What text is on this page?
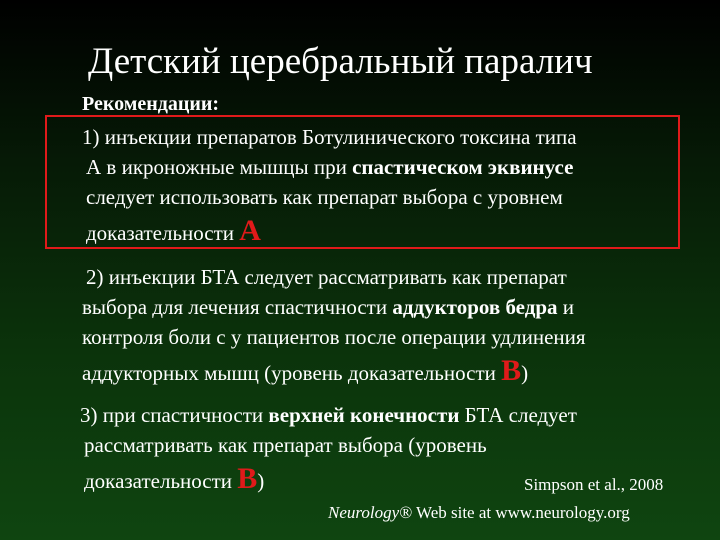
Детский церебральный паралич
Рекомендации:
1) инъекции препаратов Ботулинического токсина типа
А в икроножные мышцы при спастическом эквинусе
следует использовать как препарат выбора с уровнем
доказательности А
2) инъекции БТА следует рассматривать как препарат
выбора для лечения спастичности аддукторов бедра и
контроля боли с у пациентов после операции удлинения
аддукторных мышц (уровень доказательности В)
3) при спастичности верхней конечности БТА следует
рассматривать как препарат выбора (уровень
доказательности В)	Simpson et al., 2008
Neurology® Web site at www.neurology.org
